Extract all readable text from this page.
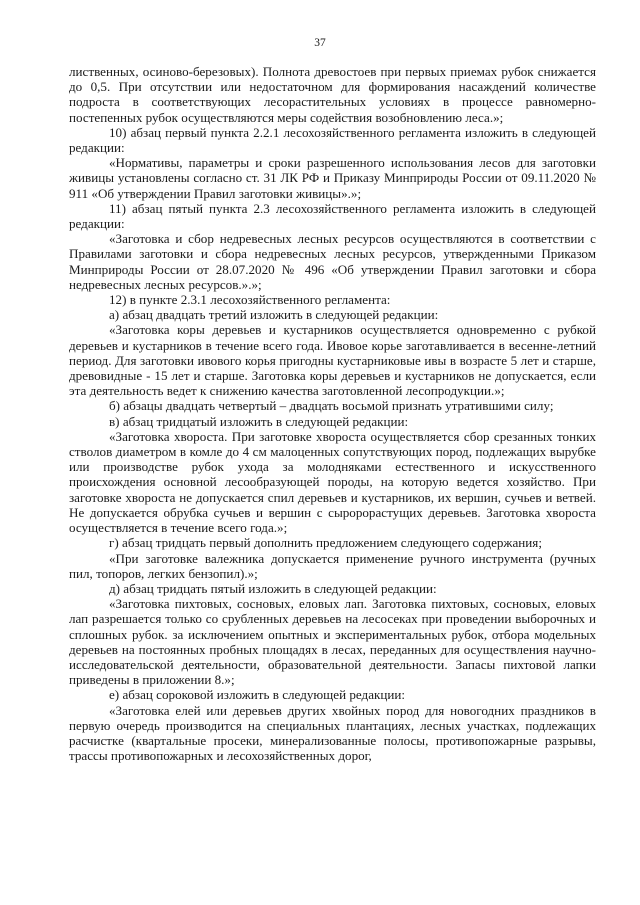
37

лиственных, осиново-березовых). Полнота древостоев при первых приемах рубок снижается до 0,5. При отсутствии или недостаточном для формирования насаждений количестве подроста в соответствующих лесорастительных условиях в процессе равномерно-постепенных рубок осуществляются меры содействия возобновлению леса.»;

10) абзац первый пункта 2.2.1 лесохозяйственного регламента изложить в следующей редакции:

«Нормативы, параметры и сроки разрешенного использования лесов для заготовки живицы установлены согласно ст. 31 ЛК РФ и Приказу Минприроды России от 09.11.2020 № 911 «Об утверждении Правил заготовки живицы».»;

11) абзац пятый пункта 2.3 лесохозяйственного регламента изложить в следующей редакции:

«Заготовка и сбор недревесных лесных ресурсов осуществляются в соответствии с Правилами заготовки и сбора недревесных лесных ресурсов, утвержденными Приказом Минприроды России от 28.07.2020 № 496 «Об утверждении Правил заготовки и сбора недревесных лесных ресурсов.».»;

12) в пункте 2.3.1 лесохозяйственного регламента:

а) абзац двадцать третий изложить в следующей редакции:

«Заготовка коры деревьев и кустарников осуществляется одновременно с рубкой деревьев и кустарников в течение всего года. Ивовое корье заготавливается в весенне-летний период. Для заготовки ивового корья пригодны кустарниковые ивы в возрасте 5 лет и старше, древовидные - 15 лет и старше. Заготовка коры деревьев и кустарников не допускается, если эта деятельность ведет к снижению качества заготовленной лесопродукции.»;

б) абзацы двадцать четвертый – двадцать восьмой признать утратившими силу;

в) абзац тридцатый изложить в следующей редакции:

«Заготовка хвороста. При заготовке хвороста осуществляется сбор срезанных тонких стволов диаметром в комле до 4 см малоценных сопутствующих пород, подлежащих вырубке или производстве рубок ухода за молодняками естественного и искусственного происхождения основной лесообразующей породы, на которую ведется хозяйство. При заготовке хвороста не допускается спил деревьев и кустарников, их вершин, сучьев и ветвей. Не допускается обрубка сучьев и вершин с сыророрастущих деревьев. Заготовка хвороста осуществляется в течение всего года.»;

г) абзац тридцать первый дополнить предложением следующего содержания;

«При заготовке валежника допускается применение ручного инструмента (ручных пил, топоров, легких бензопил).»;

д) абзац тридцать пятый изложить в следующей редакции:

«Заготовка пихтовых, сосновых, еловых лап. Заготовка пихтовых, сосновых, еловых лап разрешается только со срубленных деревьев на лесосеках при проведении выборочных и сплошных рубок. за исключением опытных и экспериментальных рубок, отбора модельных деревьев на постоянных пробных площадях в лесах, переданных для осуществления научно-исследовательской деятельности, образовательной деятельности. Запасы пихтовой лапки приведены в приложении 8.»;

е) абзац сороковой изложить в следующей редакции:

«Заготовка елей или деревьев других хвойных пород для новогодних праздников в первую очередь производится на специальных плантациях, лесных участках, подлежащих расчистке (квартальные просеки, минерализованные полосы, противопожарные разрывы, трассы противопожарных и лесохозяйственных дорог,
